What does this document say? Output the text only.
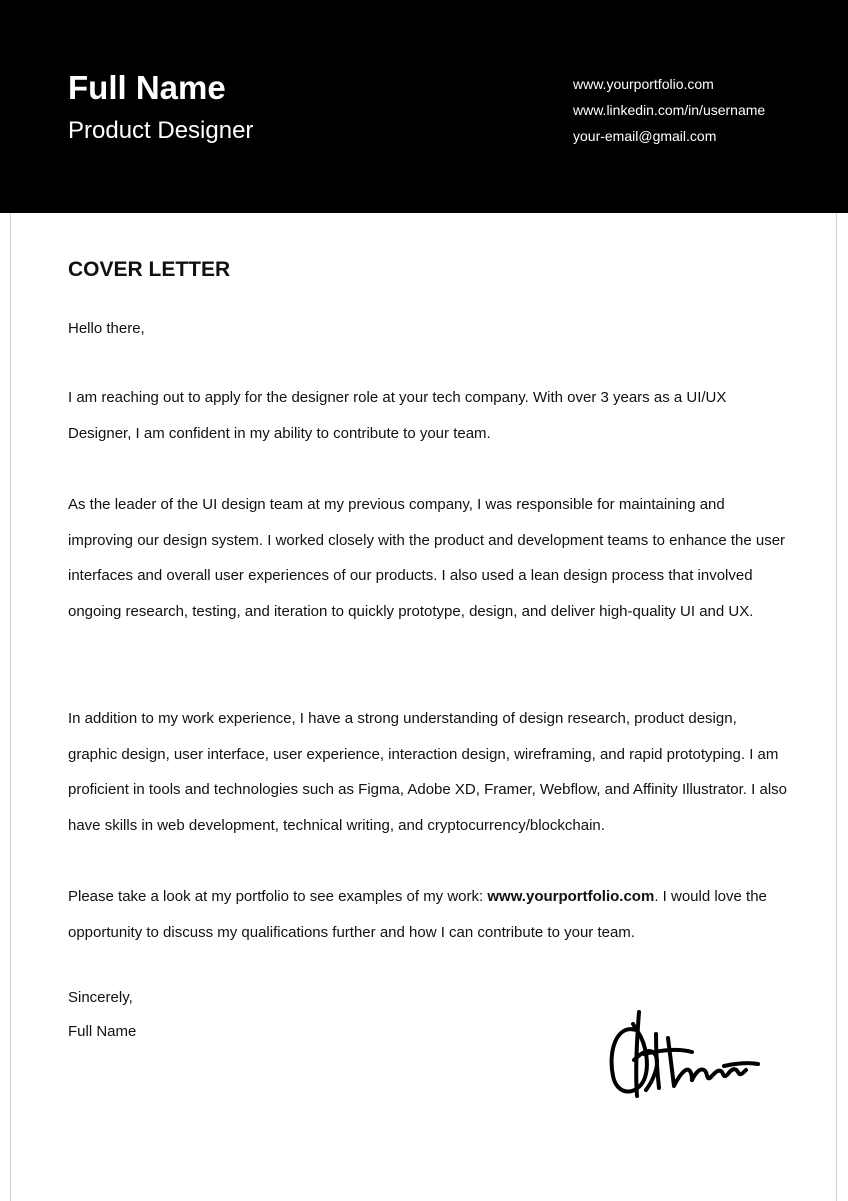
Full Name
Product Designer
www.yourportfolio.com
www.linkedin.com/in/username
your-email@gmail.com
COVER LETTER
Hello there,
I am reaching out to apply for the designer role at your tech company. With over 3 years as a UI/UX Designer, I am confident in my ability to contribute to your team.
As the leader of the UI design team at my previous company, I was responsible for maintaining and improving our design system. I worked closely with the product and development teams to enhance the user interfaces and overall user experiences of our products. I also used a lean design process that involved ongoing research, testing, and iteration to quickly prototype, design, and deliver high-quality UI and UX.
In addition to my work experience, I have a strong understanding of design research, product design, graphic design, user interface, user experience, interaction design, wireframing, and rapid prototyping. I am proficient in tools and technologies such as Figma, Adobe XD, Framer, Webflow, and Affinity Illustrator. I also have skills in web development, technical writing, and cryptocurrency/blockchain.
Please take a look at my portfolio to see examples of my work: www.yourportfolio.com. I would love the opportunity to discuss my qualifications further and how I can contribute to your team.
Sincerely,
Full Name
